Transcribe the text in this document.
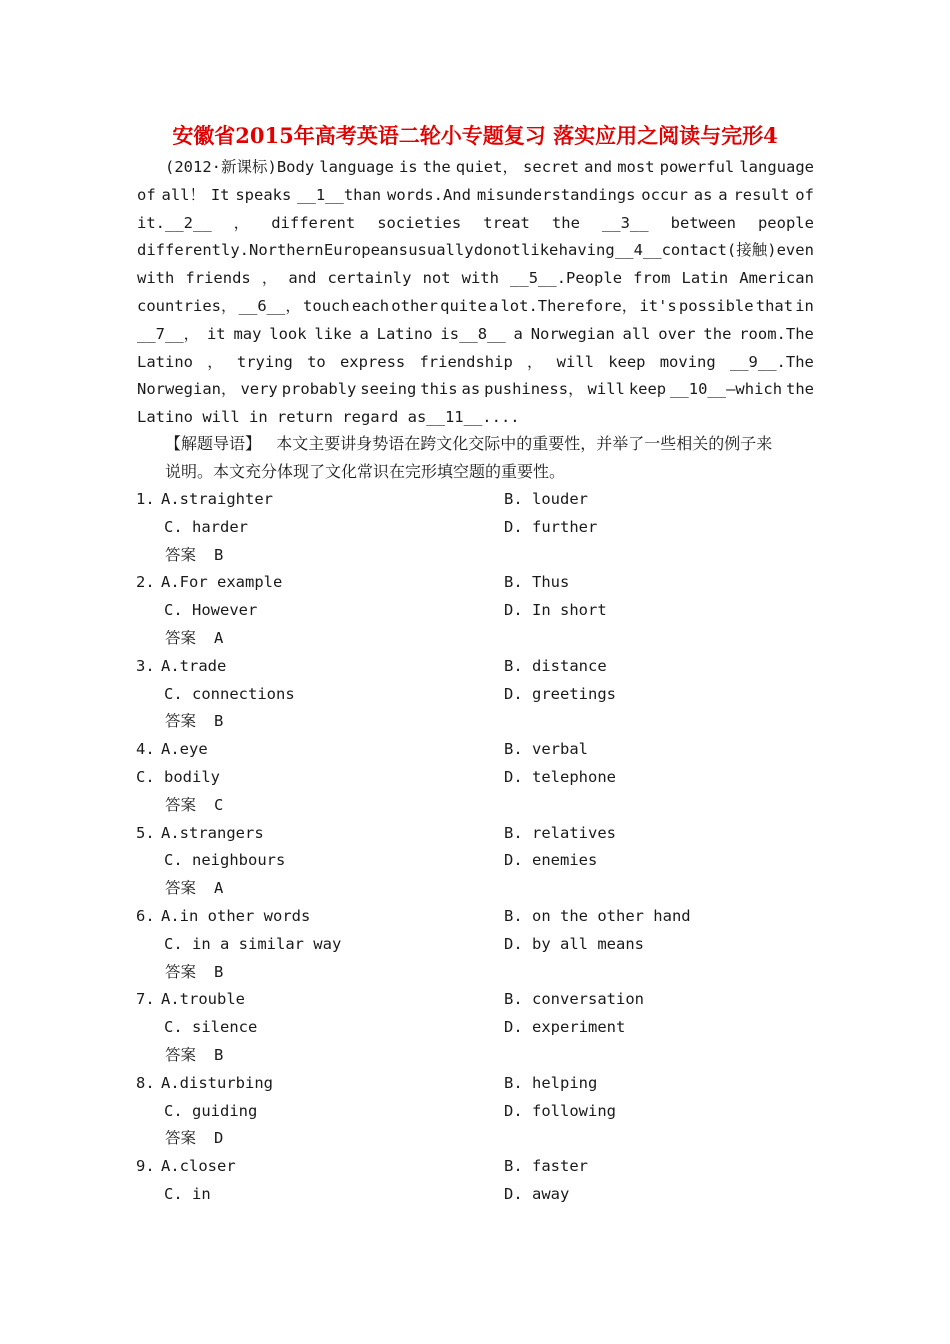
安徽省2015年高考英语二轮小专题复习 落实应用之阅读与完形4
(2012·新课标)Body language is the quiet， secret and most powerful language
of all！ It speaks __1__than words.And misunderstandings occur as a result of
it.__2__ ， different societies treat the __3__ between people
differently.Northern Europeans usually do not like having __4__contact(接触)even
with friends ， and certainly not with __5__.People from Latin American
countries， __6__， touch each other quite a lot.Therefore， it's possible that in
__7__， it may look like a Latino is__8__ a Norwegian all over the room.The
Latino ， trying to express friendship ， will keep moving __9__.The
Norwegian， very probably seeing this as pushiness， will keep __10__—which the
Latino will in return regard as__11__....
【解题导语】 本文主要讲身势语在跨文化交际中的重要性，并举了一些相关的例子来
说明。本文充分体现了文化常识在完形填空题的重要性。
1. A.straighter	B. louder
C. harder	D. further
答案 B
2. A.For example	B. Thus
C. However	D. In short
答案 A
3. A.trade	B. distance
C. connections	D. greetings
答案 B
4. A.eye	B. verbal
C. bodily	D. telephone
答案 C
5. A.strangers	B. relatives
C. neighbours	D. enemies
答案 A
6. A.in other words	B. on the other hand
C. in a similar way	D. by all means
答案 B
7. A.trouble	B. conversation
C. silence	D. experiment
答案 B
8. A.disturbing	B. helping
C. guiding	D. following
答案 D
9. A.closer	B. faster
C. in	D. away
